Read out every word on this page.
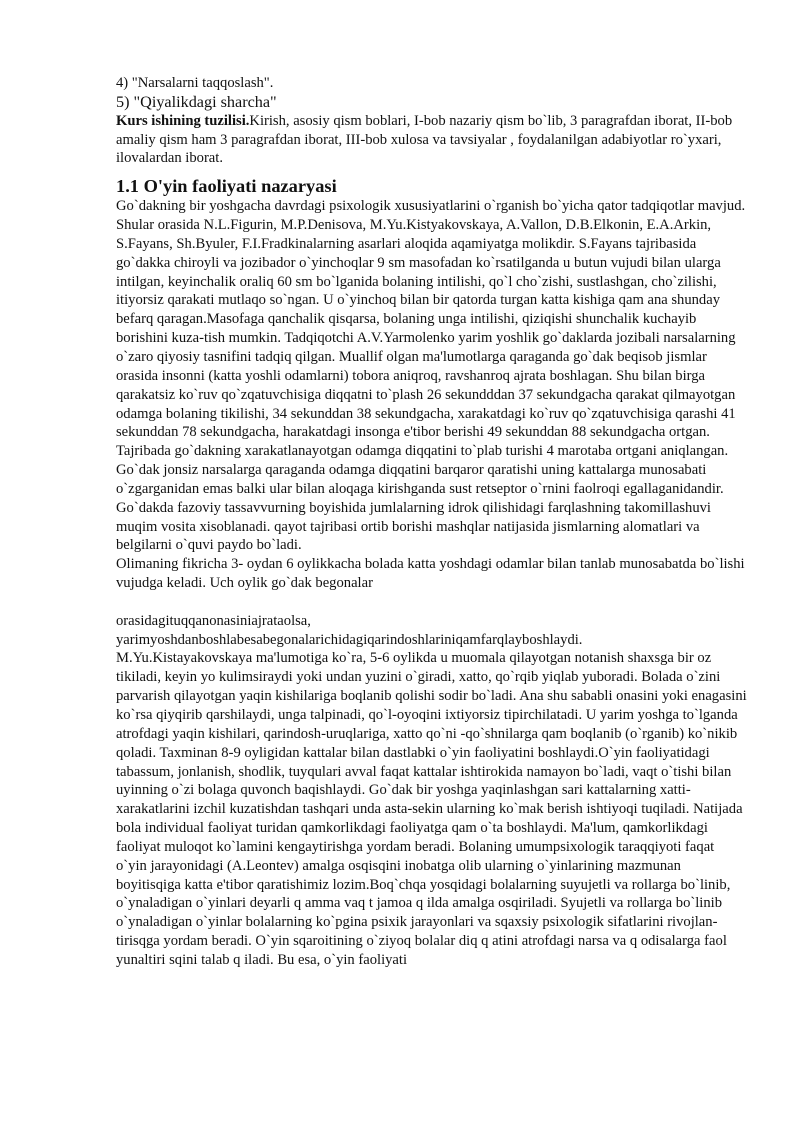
4) "Narsalarni taqqoslash".

5) "Qiyalikdagi sharcha"

Kurs ishining tuzilisi.Kirish, asosiy qism boblari, I-bob nazariy qism bo`lib, 3 paragrafdan iborat, II-bob amaliy qism ham 3 paragrafdan iborat, III-bob xulosa va tavsiyalar , foydalanilgan adabiyotlar ro`yxari, ilovalardan iborat.

1.1 O'yin faoliyati nazaryasi

Go`dakning bir yoshgacha davrdagi psixologik xususiyatlarini o`rganish bo`yicha qator tadqiqotlar mavjud. Shular orasida N.L.Figurin, M.P.Denisova, M.Yu.Kistyakovskaya, A.Vallon, D.B.Elkonin, E.A.Arkin, S.Fayans, Sh.Byuler, F.I.Fradkinalarning asarlari aloqida aqamiyatga molikdir. S.Fayans tajribasida go`dakka chiroyli va jozibador o`yinchoqlar 9 sm masofadan ko`rsatilganda u butun vujudi bilan ularga intilgan, keyinchalik oraliq 60 sm bo`lganida bolaning intilishi, qo`l cho`zishi, sustlashgan, cho`zilishi, itiyorsiz qarakati mutlaqo so`ngan. U o`yinchoq bilan bir qatorda turgan katta kishiga qam ana shunday befarq qaragan.Masofaga qanchalik qisqarsa, bolaning unga intilishi, qiziqishi shunchalik kuchayib borishini kuza-tish mumkin. Tadqiqotchi A.V.Yarmolenko yarim yoshlik go`daklarda jozibali narsalarning o`zaro qiyosiy tasnifini tadqiq qilgan. Muallif olgan ma'lumotlarga qaraganda go`dak beqisob jismlar orasida insonni (katta yoshli odamlarni) tobora aniqroq, ravshanroq ajrata boshlagan. Shu bilan birga qarakatsiz ko`ruv qo`zqatuvchisiga diqqatni to`plash 26 sekundddan 37 sekundgacha qarakat qilmayotgan odamga bolaning tikilishi, 34 sekunddan 38 sekundgacha, xarakatdagi ko`ruv qo`zqatuvchisiga qarashi 41 sekunddan 78 sekundgacha, harakatdagi insonga e'tibor berishi 49 sekunddan 88 sekundgacha ortgan. Tajribada go`dakning xarakatlanayotgan odamga diqqatini to`plab turishi 4 marotaba ortgani aniqlangan. Go`dak jonsiz narsalarga qaraganda odamga diqqatini barqaror qaratishi uning kattalarga munosabati o`zgarganidan emas balki ular bilan aloqaga kirishganda sust retseptor o`rnini faolroqi egallaganidandir. Go`dakda fazoviy tassavvurning boyishida jumlalarning idrok qilishidagi farqlashning takomillashuvi muqim vosita xisoblanadi. qayot tajribasi ortib borishi mashqlar natijasida jismlarning alomatlari va belgilarni o`quvi paydo bo`ladi.

Olimaning fikricha 3- oydan 6 oylikkacha bolada katta yoshdagi odamlar bilan tanlab munosabatda bo`lishi vujudga keladi. Uch oylik go`dak begonalar

orasidagituqqanonasiniajrataolsa,

yarimyoshdanboshlabesabegonalarichidagiqarindoshlariniqamfarqlayboshlaydi.

M.Yu.Kistayakovskaya ma'lumotiga ko`ra, 5-6 oylikda u muomala qilayotgan notanish shaxsga bir oz tikiladi, keyin yo kulimsiraydi yoki undan yuzini o`giradi, xatto, qo`rqib yiqlab yuboradi. Bolada o`zini parvarish qilayotgan yaqin kishilariga boqlanib qolishi sodir bo`ladi. Ana shu sababli onasini yoki enagasini ko`rsa qiyqirib qarshilaydi, unga talpinadi, qo`l-oyoqini ixtiyorsiz tipirchilatadi. U yarim yoshga to`lganda atrofdagi yaqin kishilari, qarindosh-uruqlariga, xatto qo`ni -qo`shnilarga qam boqlanib (o`rganib) ko`nikib qoladi. Taxminan 8-9 oyligidan kattalar bilan dastlabki o`yin faoliyatini boshlaydi.O`yin faoliyatidagi tabassum, jonlanish, shodlik, tuyqulari avval faqat kattalar ishtirokida namayon bo`ladi, vaqt o`tishi bilan uyinning o`zi bolaga quvonch baqishlaydi. Go`dak bir yoshga yaqinlashgan sari kattalarning xatti-xarakatlarini izchil kuzatishdan tashqari unda asta-sekin ularning ko`mak berish ishtiyoqi tuqiladi. Natijada bola individual faoliyat turidan qamkorlikdagi faoliyatga qam o`ta boshlaydi. Ma'lum, qamkorlikdagi faoliyat muloqot ko`lamini kengaytirishga yordam beradi. Bolaning umumpsixologik taraqqiyoti faqat o`yin jarayonidagi (A.Leontev) amalga osqisqini inobatga olib ularning o`yinlarining mazmunan boyitisqiga katta e'tibor qaratishimiz lozim.Boq`chqa yosqidagi bolalarning suyujetli va rollarga bo`linib, o`ynaladigan o`yinlari deyarli q amma vaq t jamoa q ilda amalga osqiriladi. Syujetli va rollarga bo`linib o`ynaladigan o`yinlar bolalarning ko`pgina psixik jarayonlari va sqaxsiy psixologik sifatlarini rivojlan-tirisqga yordam beradi. O`yin sqaroitining o`ziyoq bolalar diq q atini atrofdagi narsa va q odisalarga faol yunaltiri sqini talab q iladi. Bu esa, o`yin faoliyati
